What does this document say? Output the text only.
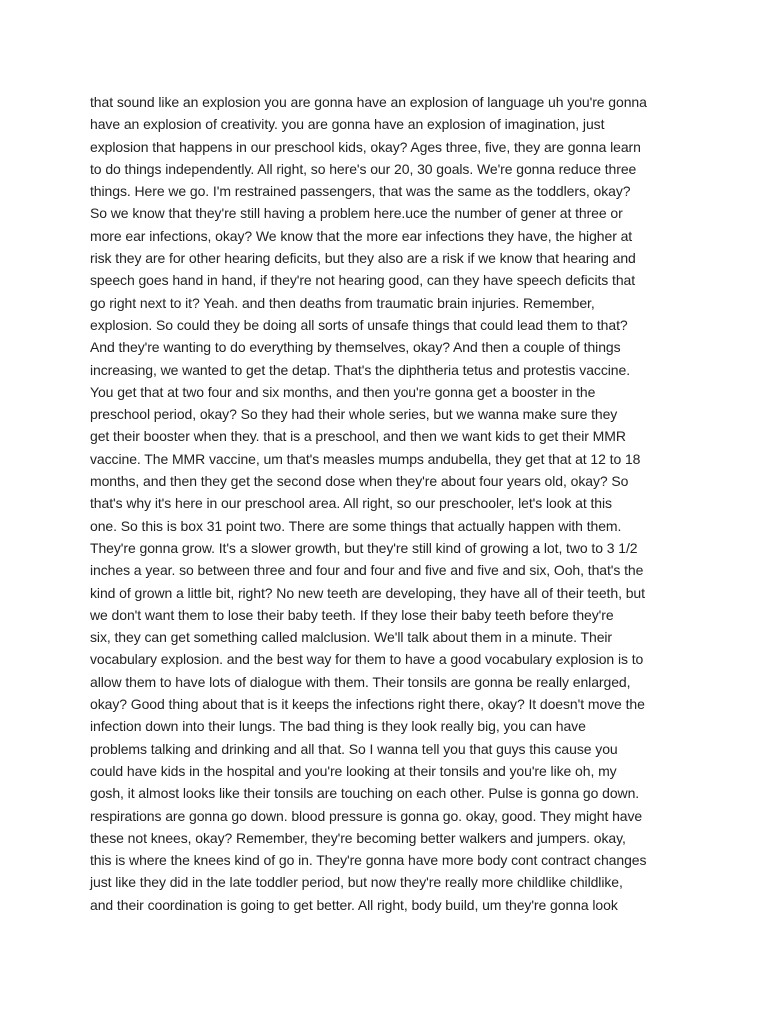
that sound like an explosion you are gonna have an explosion of language uh you're gonna
have an explosion of creativity. you are gonna have an explosion of imagination, just
explosion that happens in our preschool kids, okay? Ages three, five, they are gonna learn
to do things independently. All right, so here's our 20, 30 goals. We're gonna reduce three
things. Here we go. I'm restrained passengers, that was the same as the toddlers, okay?
So we know that they're still having a problem here.uce the number of gener at three or
more ear infections, okay? We know that the more ear infections they have, the higher at
risk they are for other hearing deficits, but they also are a risk if we know that hearing and
speech goes hand in hand, if they're not hearing good, can they have speech deficits that
go right next to it? Yeah. and then deaths from traumatic brain injuries. Remember,
explosion. So could they be doing all sorts of unsafe things that could lead them to that?
And they're wanting to do everything by themselves, okay? And then a couple of things
increasing, we wanted to get the detap. That's the diphtheria tetus and protestis vaccine.
You get that at two four and six months, and then you're gonna get a booster in the
preschool period, okay? So they had their whole series, but we wanna make sure they
get their booster when they. that is a preschool, and then we want kids to get their MMR
vaccine. The MMR vaccine, um that's measles mumps andubella, they get that at 12 to 18
months, and then they get the second dose when they're about four years old, okay? So
that's why it's here in our preschool area. All right, so our preschooler, let's look at this
one. So this is box 31 point two. There are some things that actually happen with them.
They're gonna grow. It's a slower growth, but they're still kind of growing a lot, two to 3 1/2
inches a year. so between three and four and four and five and five and six, Ooh, that's the
kind of grown a little bit, right? No new teeth are developing, they have all of their teeth, but
we don't want them to lose their baby teeth. If they lose their baby teeth before they're
six, they can get something called malclusion. We'll talk about them in a minute. Their
vocabulary explosion. and the best way for them to have a good vocabulary explosion is to
allow them to have lots of dialogue with them. Their tonsils are gonna be really enlarged,
okay? Good thing about that is it keeps the infections right there, okay? It doesn't move the
infection down into their lungs. The bad thing is they look really big, you can have
problems talking and drinking and all that. So I wanna tell you that guys this cause you
could have kids in the hospital and you're looking at their tonsils and you're like oh, my
gosh, it almost looks like their tonsils are touching on each other. Pulse is gonna go down.
respirations are gonna go down. blood pressure is gonna go. okay, good. They might have
these not knees, okay? Remember, they're becoming better walkers and jumpers. okay,
this is where the knees kind of go in. They're gonna have more body cont contract changes
just like they did in the late toddler period, but now they're really more childlike childlike,
and their coordination is going to get better. All right, body build, um they're gonna look
